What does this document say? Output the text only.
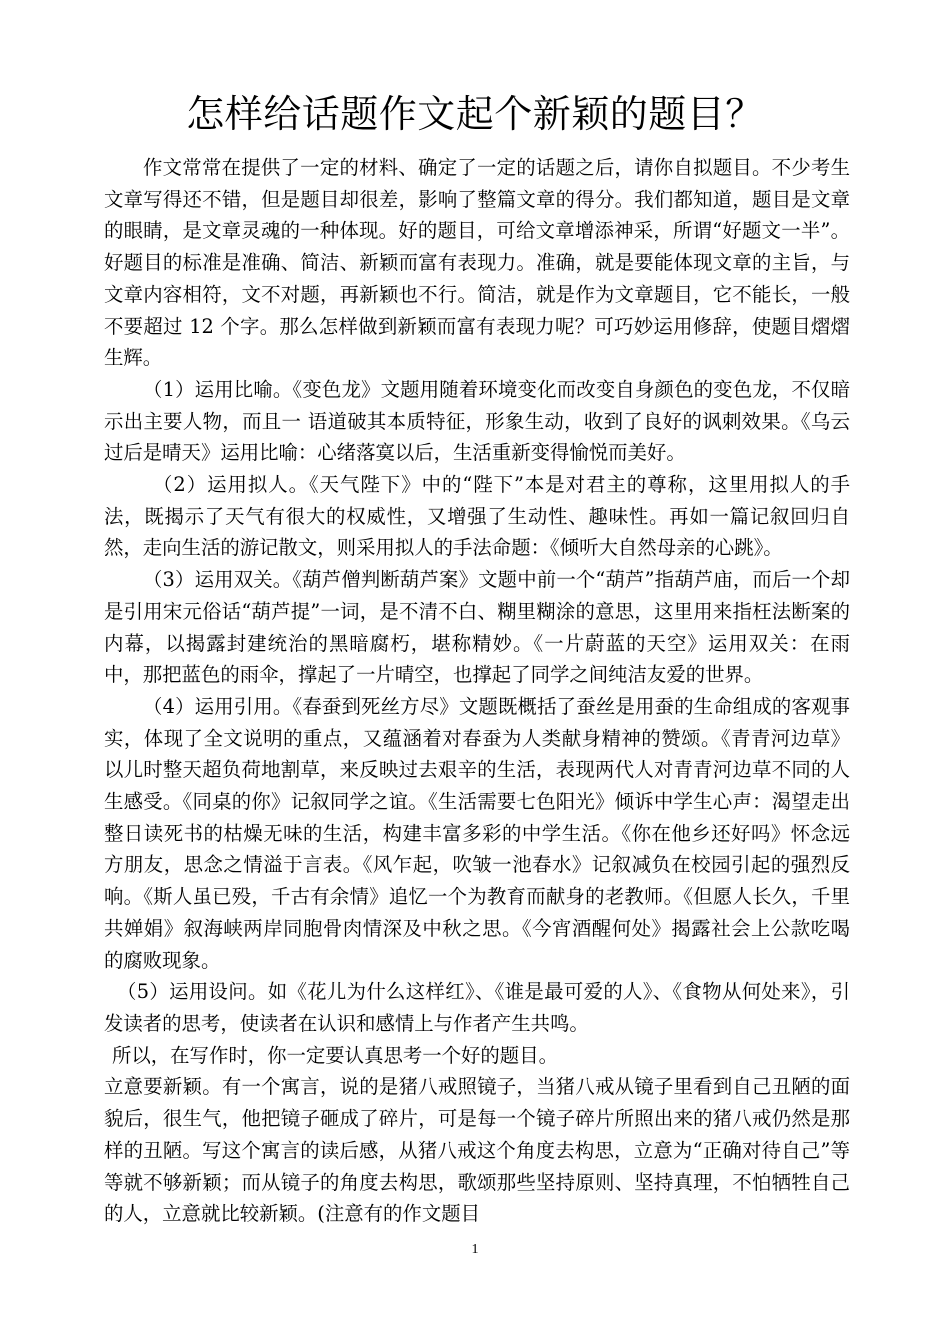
怎样给话题作文起个新颖的题目？

作文常常在提供了一定的材料、确定了一定的话题之后，请你自拟题目。不少考生文章写得还不错，但是题目却很差，影响了整篇文章的得分。我们都知道，题目是文章的眼睛，是文章灵魂的一种体现。好的题目，可给文章增添神采，所谓“好题文一半”。好题目的标准是准确、简洁、新颖而富有表现力。准确，就是要能体现文章的主旨，与文章内容相符，文不对题，再新颖也不行。简洁，就是作为文章题目，它不能长，一般不要超过 12 个字。那么怎样做到新颖而富有表现力呢？可巧妙运用修辞，使题目熠熠生辉。

（1）运用比喻。《变色龙》文题用随着环境变化而改变自身颜色的变色龙，不仅暗示出主要人物，而且一 语道破其本质特征，形象生动，收到了良好的讽刺效果。《乌云过后是晴天》运用比喻：心绪落寞以后，生活重新变得愉悦而美好。

（2）运用拟人。《天气陛下》中的“陛下”本是对君主的尊称，这里用拟人的手法，既揭示了天气有很大的权威性，又增强了生动性、趣味性。再如一篇记叙回归自然，走向生活的游记散文，则采用拟人的手法命题：《倾听大自然母亲的心跳》。

（3）运用双关。《葫芦僧判断葫芦案》文题中前一个“葫芦”指葫芦庙，而后一个却是引用宋元俗话“葫芦提”一词，是不清不白、糊里糊涂的意思，这里用来指枉法断案的内幕，以揭露封建统治的黑暗腐朽，堪称精妙。《一片蔚蓝的天空》运用双关：在雨中，那把蓝色的雨伞，撑起了一片晴空，也撑起了同学之间纯洁友爱的世界。

（4）运用引用。《春蚕到死丝方尽》文题既概括了蚕丝是用蚕的生命组成的客观事实，体现了全文说明的重点，又蕴涵着对春蚕为人类献身精神的赞颂。《青青河边草》以儿时整天超负荷地割草，来反映过去艰辛的生活，表现两代人对青青河边草不同的人生感受。《同桌的你》记叙同学之谊。《生活需要七色阳光》倾诉中学生心声：渴望走出整日读死书的枯燥无味的生活，构建丰富多彩的中学生活。《你在他乡还好吗》怀念远方朋友，思念之情溢于言表。《风乍起，吹皱一池春水》记叙减负在校园引起的强烈反响。《斯人虽已殁，千古有余情》追忆一个为教育而献身的老教师。《但愿人长久，千里共婵娟》叙海峡两岸同胞骨肉情深及中秋之思。《今宵酒醒何处》揭露社会上公款吃喝的腐败现象。

（5）运用设问。如《花儿为什么这样红》、《谁是最可爱的人》、《食物从何处来》，引发读者的思考，使读者在认识和感情上与作者产生共鸣。

所以，在写作时，你一定要认真思考一个好的题目。

立意要新颖。有一个寓言，说的是猪八戒照镜子，当猪八戒从镜子里看到自己丑陋的面貌后，很生气，他把镜子砸成了碎片，可是每一个镜子碎片所照出来的猪八戒仍然是那样的丑陋。写这个寓言的读后感，从猪八戒这个角度去构思，立意为“正确对待自己”等等就不够新颖；而从镜子的角度去构思，歌颂那些坚持原则、坚持真理，不怕牺牲自己的人，立意就比较新颖。(注意有的作文题目

1
